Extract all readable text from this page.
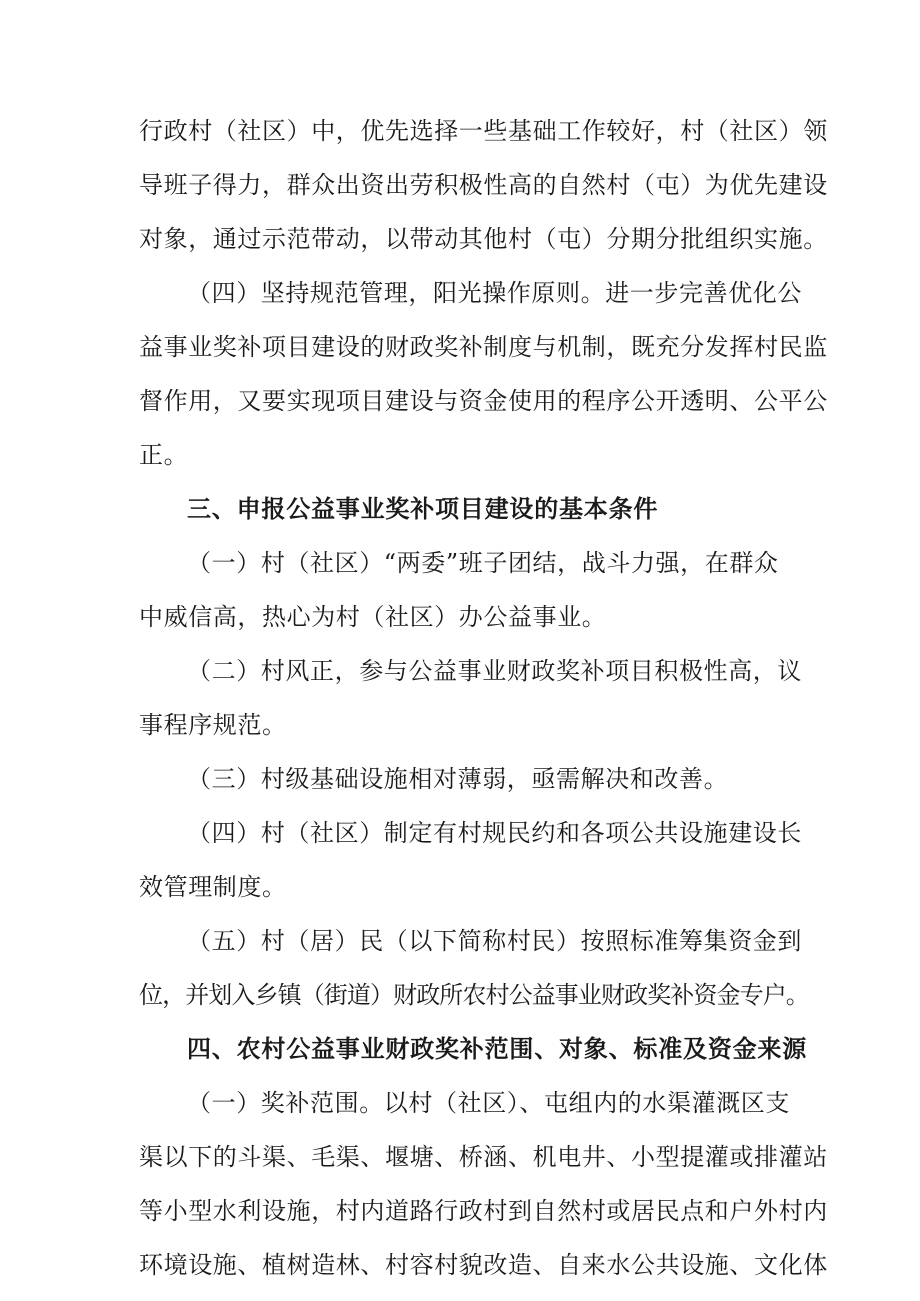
行政村（社区）中，优先选择一些基础工作较好，村（社区）领
导班子得力，群众出资出劳积极性高的自然村（屯）为优先建设
对象，通过示范带动，以带动其他村（屯）分期分批组织实施。
（四）坚持规范管理，阳光操作原则。进一步完善优化公
益事业奖补项目建设的财政奖补制度与机制，既充分发挥村民监
督作用，又要实现项目建设与资金使用的程序公开透明、公平公
正。
三、申报公益事业奖补项目建设的基本条件
（一）村（社区）“两委”班子团结，战斗力强，在群众
中威信高，热心为村（社区）办公益事业。
（二）村风正，参与公益事业财政奖补项目积极性高，议
事程序规范。
（三）村级基础设施相对薄弱，亟需解决和改善。
（四）村（社区）制定有村规民约和各项公共设施建设长
效管理制度。
（五）村（居）民（以下简称村民）按照标准筹集资金到
位，并划入乡镇（街道）财政所农村公益事业财政奖补资金专户。
四、农村公益事业财政奖补范围、对象、标准及资金来源
（一）奖补范围。以村（社区）、屯组内的水渠灌溉区支
渠以下的斗渠、毛渠、堰塘、桥涵、机电井、小型提灌或排灌站
等小型水利设施，村内道路行政村到自然村或居民点和户外村内
环境设施、植树造林、村容村貌改造、自来水公共设施、文化体
